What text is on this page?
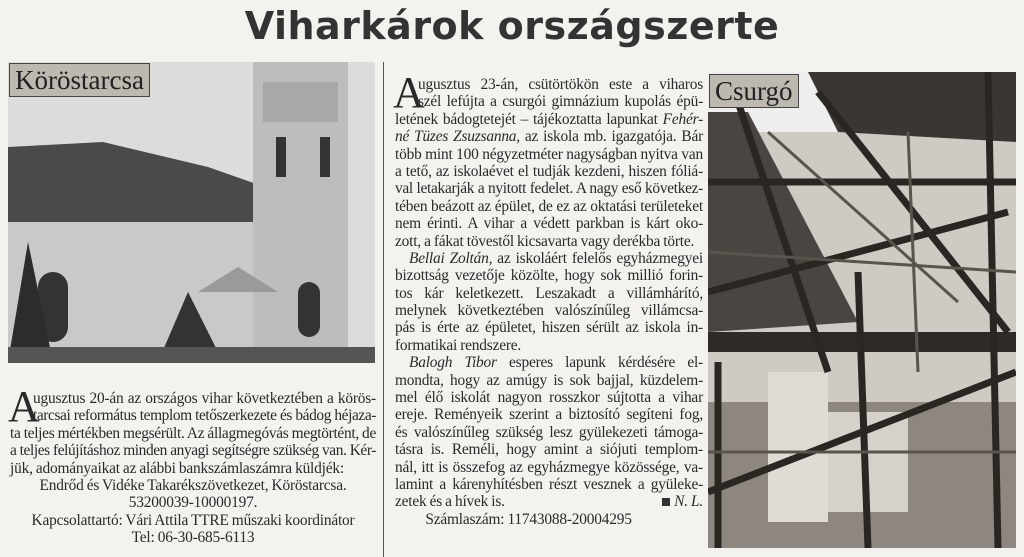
Viharkárok országszerte
Köröstarcsa
A
ugusztus 20-án az országos vihar következtében a körös-
tarcsai református templom tetőszerkezete és bádog héjaza-
ta teljes mértékben megsérült. Az állagmegóvás megtörtént, de
a teljes felújításhoz minden anyagi segítségre szükség van. Kér-
jük, adományaikat az alábbi bankszámlaszámra küldjék:
Endrőd és Vidéke Takarékszövetkezet, Köröstarcsa.
53200039-10000197.
Kapcsolattartó: Vári Attila TTRE műszaki koordinátor
Tel: 06-30-685-6113
A
ugusztus 23-án, csütörtökön este a viharos
szél lefújta a csurgói gimnázium kupolás épü-
letének bádogtetejét – tájékoztatta lapunkat Fehér-
né Tüzes Zsuzsanna, az iskola mb. igazgatója. Bár
több mint 100 négyzetméter nagyságban nyitva van
a tető, az iskolaévet el tudják kezdeni, hiszen fóliá-
val letakarják a nyitott fedelet. A nagy eső következ-
tében beázott az épület, de ez az oktatási területeket
nem érinti. A vihar a védett parkban is kárt oko-
zott, a fákat tövestől kicsavarta vagy derékba törte.
Bellai Zoltán, az iskoláért felelős egyházmegyei
bizottság vezetője közölte, hogy sok millió forin-
tos kár keletkezett. Leszakadt a villámhárító,
melynek következtében valószínűleg villámcsa-
pás is érte az épületet, hiszen sérült az iskola in-
formatikai rendszere.
Balogh Tibor esperes lapunk kérdésére el-
mondta, hogy az amúgy is sok bajjal, küzdelem-
mel élő iskolát nagyon rosszkor sújtotta a vihar
ereje. Reményeik szerint a biztosító segíteni fog,
és valószínűleg szükség lesz gyülekezeti támoga-
tásra is. Reméli, hogy amint a siójuti templom-
nál, itt is összefog az egyházmegye közössége, va-
lamint a kárenyhítésben részt vesznek a gyüleke-
zetek és a hívek is.	N. L.
Számlaszám: 11743088-20004295
Csurgó
